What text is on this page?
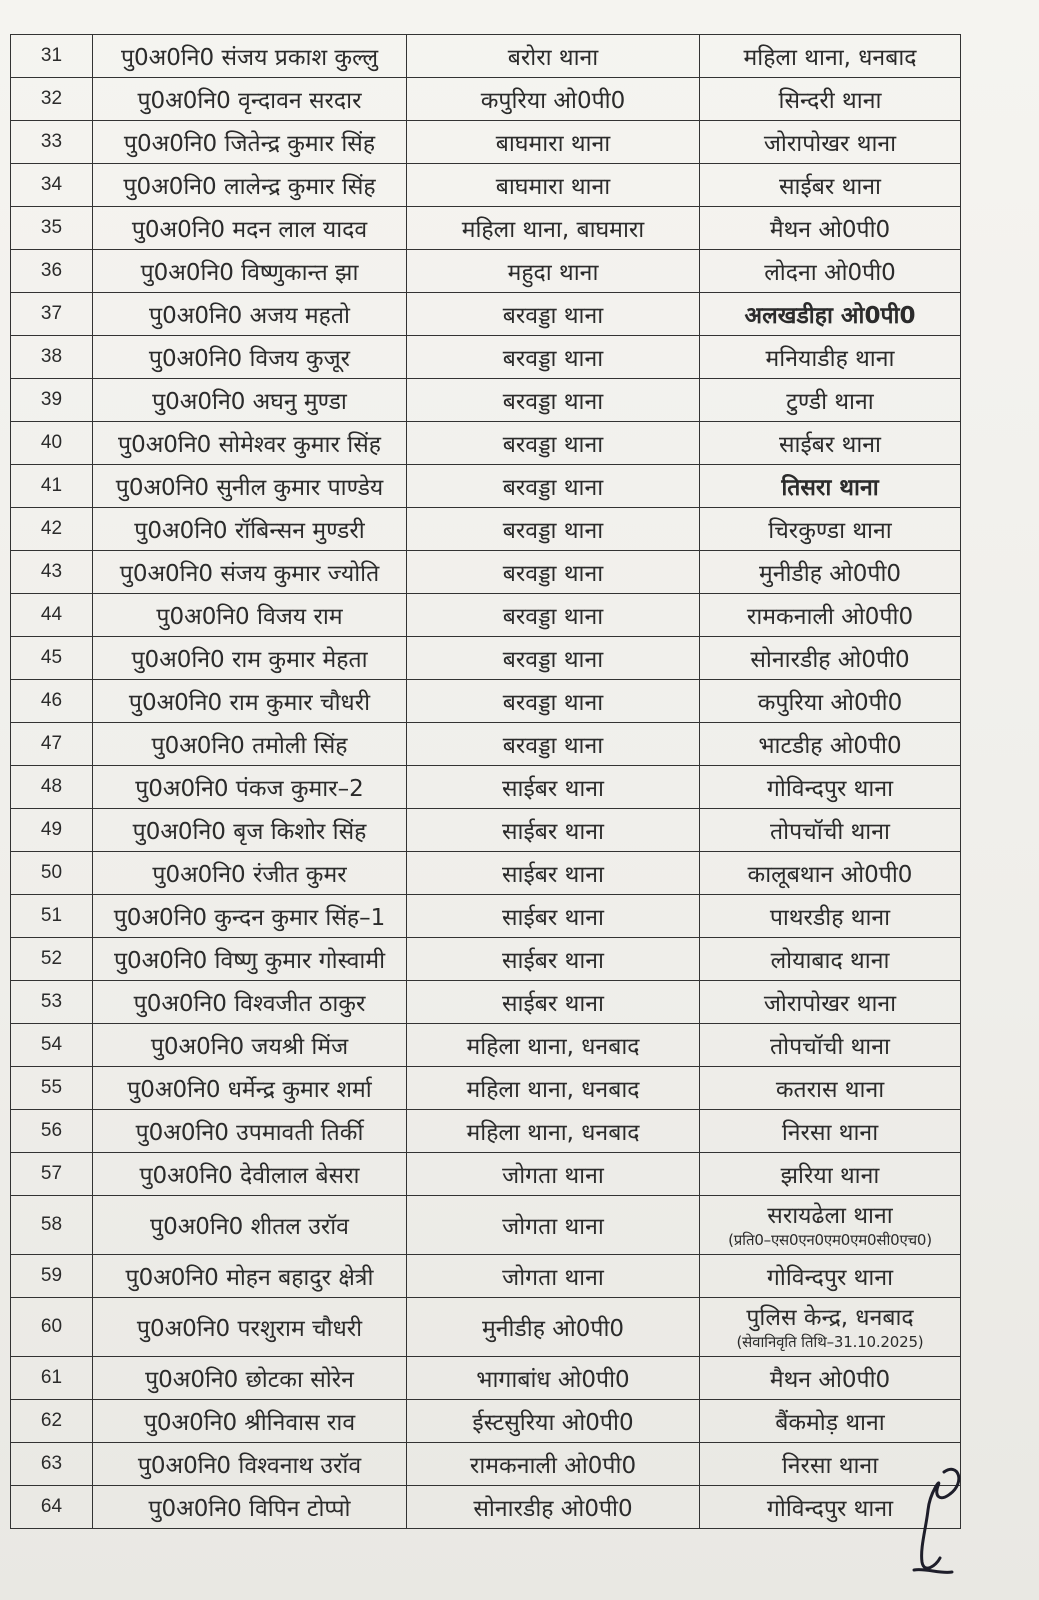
31	पु0अ0नि0 संजय प्रकाश कुल्लु	बरोरा थाना	महिला थाना, धनबाद
32	पु0अ0नि0 वृन्दावन सरदार	कपुरिया ओ0पी0	सिन्दरी थाना
33	पु0अ0नि0 जितेन्द्र कुमार सिंह	बाघमारा थाना	जोरापोखर थाना
34	पु0अ0नि0 लालेन्द्र कुमार सिंह	बाघमारा थाना	साईबर थाना
35	पु0अ0नि0 मदन लाल यादव	महिला थाना, बाघमारा	मैथन ओ0पी0
36	पु0अ0नि0 विष्णुकान्त झा	महुदा थाना	लोदना ओ0पी0
37	पु0अ0नि0 अजय महतो	बरवड्डा थाना	अलखडीहा ओ0पी0
38	पु0अ0नि0 विजय कुजूर	बरवड्डा थाना	मनियाडीह थाना
39	पु0अ0नि0 अघनु मुण्डा	बरवड्डा थाना	टुण्डी थाना
40	पु0अ0नि0 सोमेश्वर कुमार सिंह	बरवड्डा थाना	साईबर थाना
41	पु0अ0नि0 सुनील कुमार पाण्डेय	बरवड्डा थाना	तिसरा थाना
42	पु0अ0नि0 रॉबिन्सन मुण्डरी	बरवड्डा थाना	चिरकुण्डा थाना
43	पु0अ0नि0 संजय कुमार ज्योति	बरवड्डा थाना	मुनीडीह ओ0पी0
44	पु0अ0नि0 विजय राम	बरवड्डा थाना	रामकनाली ओ0पी0
45	पु0अ0नि0 राम कुमार मेहता	बरवड्डा थाना	सोनारडीह ओ0पी0
46	पु0अ0नि0 राम कुमार चौधरी	बरवड्डा थाना	कपुरिया ओ0पी0
47	पु0अ0नि0 तमोली सिंह	बरवड्डा थाना	भाटडीह ओ0पी0
48	पु0अ0नि0 पंकज कुमार–2	साईबर थाना	गोविन्दपुर थाना
49	पु0अ0नि0 बृज किशोर सिंह	साईबर थाना	तोपचॉची थाना
50	पु0अ0नि0 रंजीत कुमर	साईबर थाना	कालूबथान ओ0पी0
51	पु0अ0नि0 कुन्दन कुमार सिंह–1	साईबर थाना	पाथरडीह थाना
52	पु0अ0नि0 विष्णु कुमार गोस्वामी	साईबर थाना	लोयाबाद थाना
53	पु0अ0नि0 विश्वजीत ठाकुर	साईबर थाना	जोरापोखर थाना
54	पु0अ0नि0 जयश्री मिंज	महिला थाना, धनबाद	तोपचॉची थाना
55	पु0अ0नि0 धर्मेन्द्र कुमार शर्मा	महिला थाना, धनबाद	कतरास थाना
56	पु0अ0नि0 उपमावती तिर्की	महिला थाना, धनबाद	निरसा थाना
57	पु0अ0नि0 देवीलाल बेसरा	जोगता थाना	झरिया थाना
58	पु0अ0नि0 शीतल उरॉव	जोगता थाना	सरायढेला थाना
(प्रति0–एस0एन0एम0एम0सी0एच0)

59	पु0अ0नि0 मोहन बहादुर क्षेत्री	जोगता थाना	गोविन्दपुर थाना
60	पु0अ0नि0 परशुराम चौधरी	मुनीडीह ओ0पी0	पुलिस केन्द्र, धनबाद
(सेवानिवृति तिथि–31.10.2025)

61	पु0अ0नि0 छोटका सोरेन	भागाबांध ओ0पी0	मैथन ओ0पी0
62	पु0अ0नि0 श्रीनिवास राव	ईस्टसुरिया ओ0पी0	बैंकमोड़ थाना
63	पु0अ0नि0 विश्वनाथ उरॉव	रामकनाली ओ0पी0	निरसा थाना
64	पु0अ0नि0 विपिन टोप्पो	सोनारडीह ओ0पी0	गोविन्दपुर थाना
